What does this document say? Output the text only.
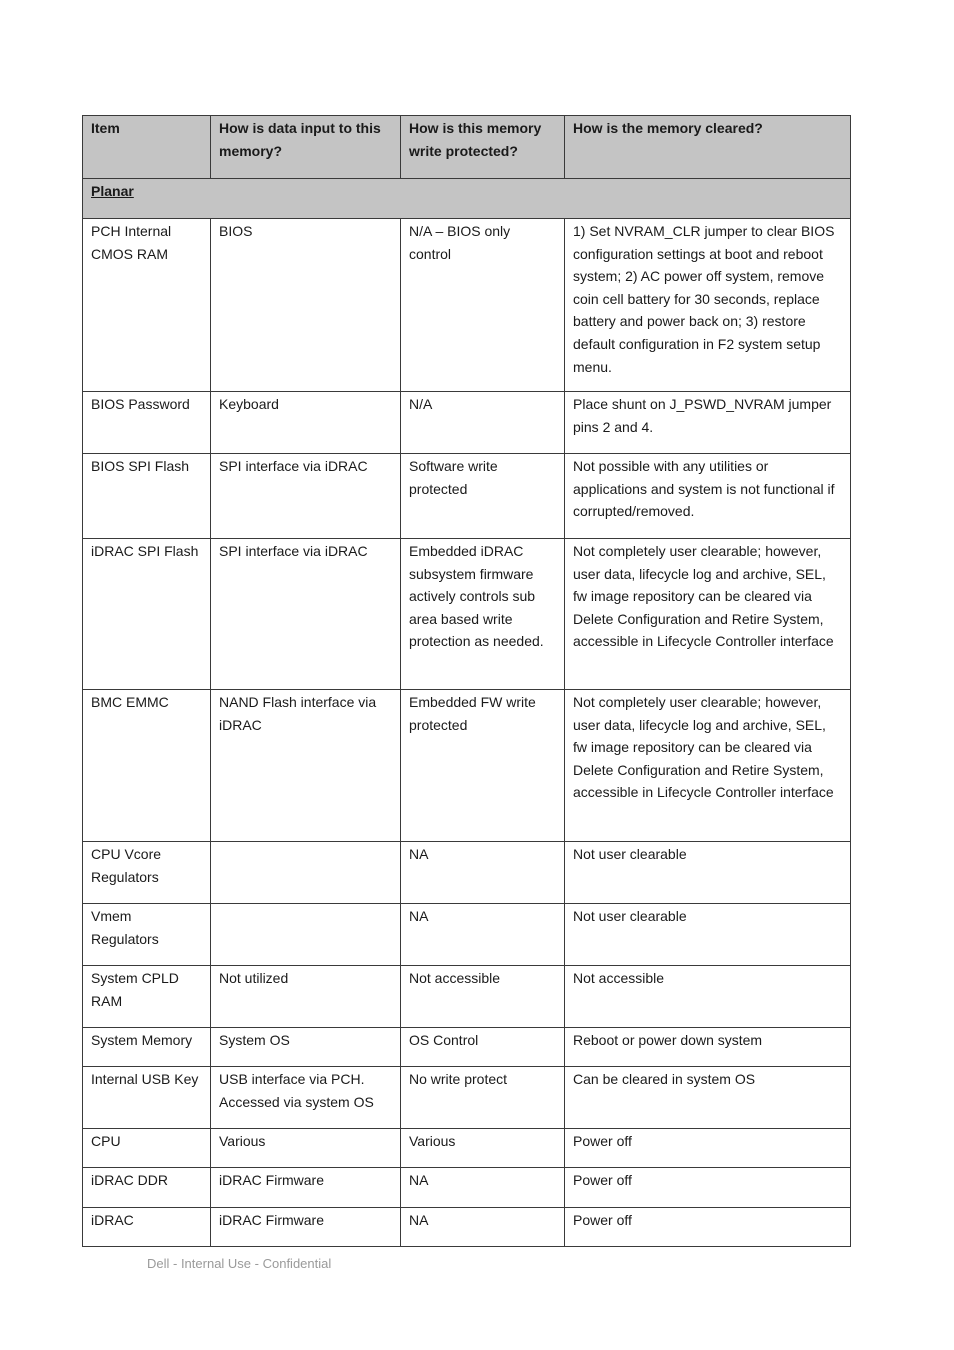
Item	How is data input to this memory?	How is this memory write protected?	How is the memory cleared?
Planar			
PCH Internal CMOS RAM	BIOS	N/A – BIOS only control	1) Set NVRAM_CLR jumper to clear BIOS configuration settings at boot and reboot system; 2) AC power off system, remove coin cell battery for 30 seconds, replace battery and power back on; 3) restore default configuration in F2 system setup menu.
BIOS Password	Keyboard	N/A	Place shunt on J_PSWD_NVRAM jumper pins 2 and 4.
BIOS SPI Flash	SPI interface via iDRAC	Software write protected	Not possible with any utilities or applications and system is not functional if corrupted/removed.
iDRAC SPI Flash	SPI interface via iDRAC	Embedded iDRAC subsystem firmware actively controls sub area based write protection as needed.	Not completely user clearable; however, user data, lifecycle log and archive, SEL, fw image repository can be cleared via Delete Configuration and Retire System, accessible in Lifecycle Controller interface
BMC EMMC	NAND Flash interface via iDRAC	Embedded FW write protected	Not completely user clearable; however, user data, lifecycle log and archive, SEL, fw image repository can be cleared via Delete Configuration and Retire System, accessible in Lifecycle Controller interface
CPU Vcore Regulators		NA	Not user clearable
Vmem Regulators		NA	Not user clearable
System CPLD RAM	Not utilized	Not accessible	Not accessible
System Memory	System OS	OS Control	Reboot or power down system
Internal USB Key	USB interface via PCH. Accessed via system OS	No write protect	Can be cleared in system OS
CPU	Various	Various	Power off
iDRAC DDR	iDRAC Firmware	NA	Power off
iDRAC	iDRAC Firmware	NA	Power off
Dell - Internal Use - Confidential
